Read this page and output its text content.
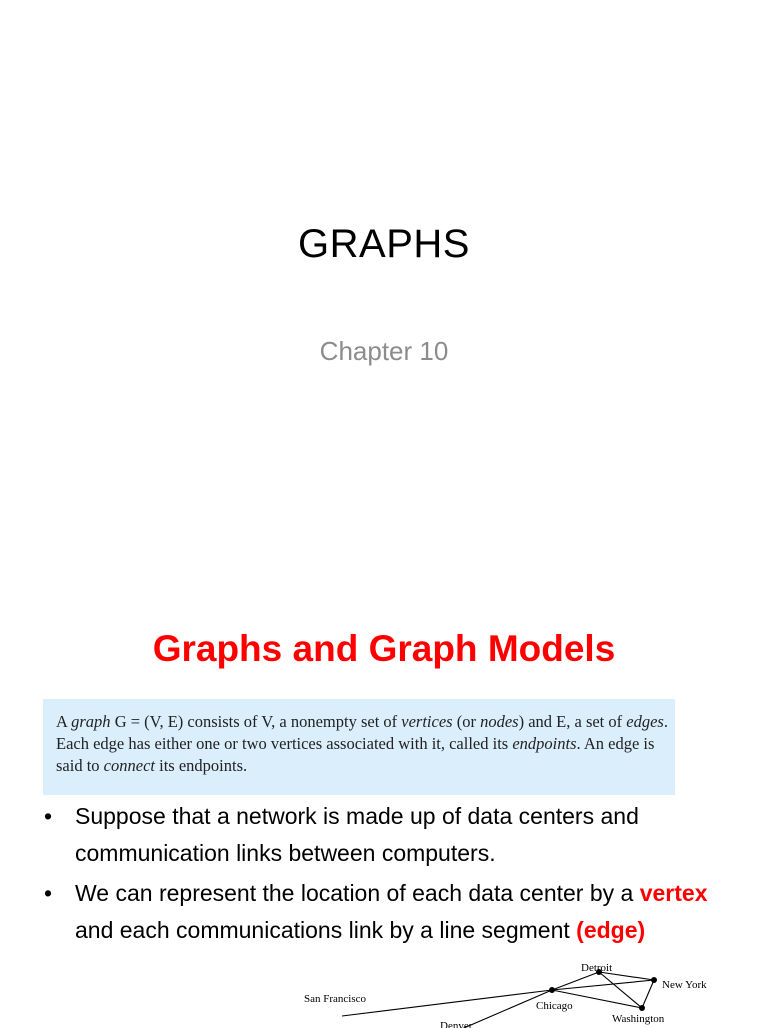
GRAPHS
Chapter 10
Graphs and Graph Models
A graph G = (V, E) consists of V, a nonempty set of vertices (or nodes) and E, a set of edges. Each edge has either one or two vertices associated with it, called its endpoints. An edge is said to connect its endpoints.
• Suppose that a network is made up of data centers and communication links between computers.
• We can represent the location of each data center by a vertex and each communications link by a line segment (edge)
Detroit
New York
San Francisco
Chicago
Washington
Denver
